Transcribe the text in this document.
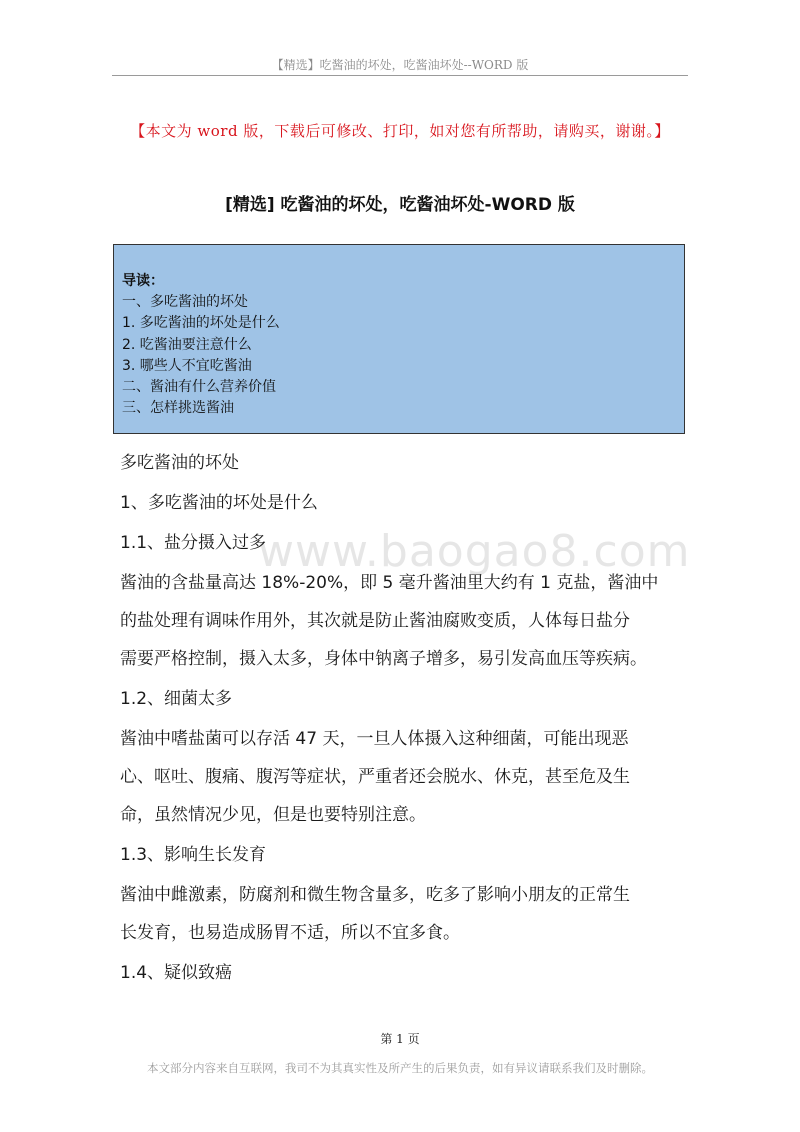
【精选】吃酱油的坏处，吃酱油坏处--WORD 版
【本文为 word 版，下载后可修改、打印，如对您有所帮助，请购买，谢谢。】
[精选] 吃酱油的坏处，吃酱油坏处-WORD 版
导读：
一、多吃酱油的坏处
1. 多吃酱油的坏处是什么
2. 吃酱油要注意什么
3. 哪些人不宜吃酱油
二、酱油有什么营养价值
三、怎样挑选酱油
www.baogao8.com

多吃酱油的坏处

1、多吃酱油的坏处是什么

1.1、盐分摄入过多

酱油的含盐量高达 18%-20%，即 5 毫升酱油里大约有 1 克盐，酱油中

的盐处理有调味作用外，其次就是防止酱油腐败变质，人体每日盐分

需要严格控制，摄入太多，身体中钠离子增多，易引发高血压等疾病。

1.2、细菌太多

酱油中嗜盐菌可以存活 47 天，一旦人体摄入这种细菌，可能出现恶

心、呕吐、腹痛、腹泻等症状，严重者还会脱水、休克，甚至危及生

命，虽然情况少见，但是也要特别注意。

1.3、影响生长发育

酱油中雌激素，防腐剂和微生物含量多，吃多了影响小朋友的正常生

长发育，也易造成肠胃不适，所以不宜多食。

1.4、疑似致癌

第 1 页
本文部分内容来自互联网，我司不为其真实性及所产生的后果负责，如有异议请联系我们及时删除。
